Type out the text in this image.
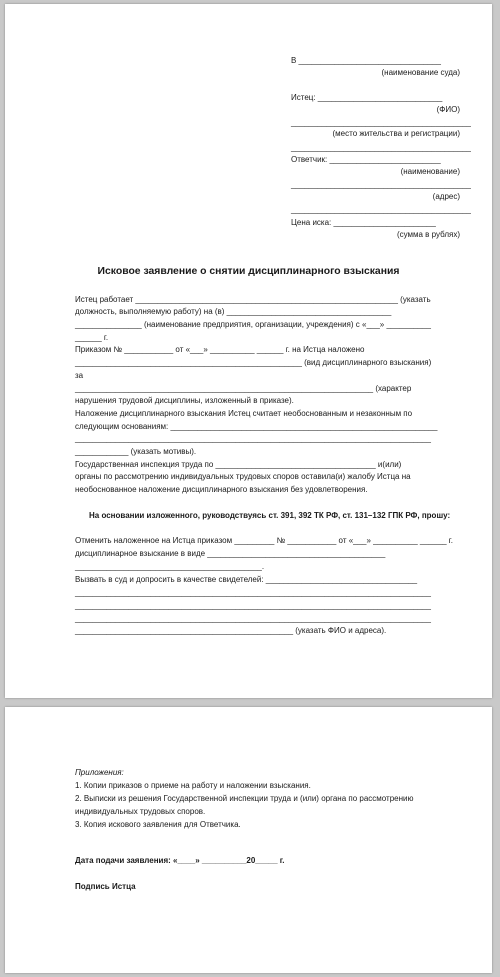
В ________________________________
(наименование суда)
Истец: ____________________________
(ФИО)
_________________________________________
(место жительства и регистрации)
_________________________________________
Ответчик: _________________________
(наименование)
_________________________________________
(адрес)
_________________________________________
Цена иска: _______________________
(сумма в рублях)
Исковое заявление о снятии дисциплинарного взыскания
Истец работает ___________________________________________________________ (указать
должность, выполняемую работу) на (в) _____________________________________
_______________ (наименование предприятия, организации, учреждения) с «___» __________
______ г.
Приказом № ___________ от «___» __________ ______ г. на Истца наложено
___________________________________________________ (вид дисциплинарного взыскания)
за
___________________________________________________________________ (характер
нарушения трудовой дисциплины, изложенный в приказе).
Наложение дисциплинарного взыскания Истец считает необоснованным и незаконным по
следующим основаниям: ____________________________________________________________
________________________________________________________________________________
____________ (указать мотивы).
Государственная инспекция труда по ____________________________________ и(или)
органы по рассмотрению индивидуальных трудовых споров оставила(и) жалобу Истца на
необоснованное наложение дисциплинарного взыскания без удовлетворения.
На основании изложенного, руководствуясь ст. 391, 392 ТК РФ, ст. 131–132 ГПК РФ, прошу:
Отменить наложенное на Истца приказом _________ № ___________ от «___» __________ ______ г.
дисциплинарное взыскание в виде ________________________________________
__________________________________________.
Вызвать в суд и допросить в качестве свидетелей: __________________________________
________________________________________________________________________________
________________________________________________________________________________
________________________________________________________________________________
_________________________________________________ (указать ФИО и адреса).
Приложения:
1. Копии приказов о приеме на работу и наложении взыскания.
2. Выписки из решения Государственной инспекции труда и (или) органа по рассмотрению
индивидуальных трудовых споров.
3. Копия искового заявления для Ответчика.
Дата подачи заявления: «____» __________20_____ г.
Подпись Истца
